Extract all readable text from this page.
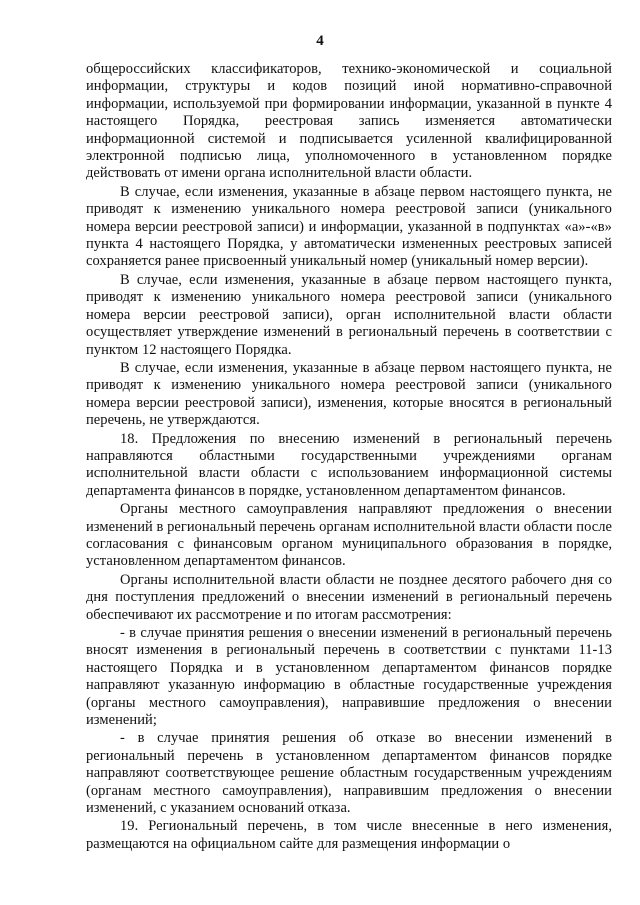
4

общероссийских классификаторов, технико-экономической и социальной информации, структуры и кодов позиций иной нормативно-справочной информации, используемой при формировании информации, указанной в пункте 4 настоящего Порядка, реестровая запись изменяется автоматически информационной системой и подписывается усиленной квалифицированной электронной подписью лица, уполномоченного в установленном порядке действовать от имени органа исполнительной власти области.

В случае, если изменения, указанные в абзаце первом настоящего пункта, не приводят к изменению уникального номера реестровой записи (уникального номера версии реестровой записи) и информации, указанной в подпунктах «а»-«в» пункта 4 настоящего Порядка, у автоматически измененных реестровых записей сохраняется ранее присвоенный уникальный номер (уникальный номер версии).

В случае, если изменения, указанные в абзаце первом настоящего пункта, приводят к изменению уникального номера реестровой записи (уникального номера версии реестровой записи), орган исполнительной власти области осуществляет утверждение изменений в региональный перечень в соответствии с пунктом 12 настоящего Порядка.

В случае, если изменения, указанные в абзаце первом настоящего пункта, не приводят к изменению уникального номера реестровой записи (уникального номера версии реестровой записи), изменения, которые вносятся в региональный перечень, не утверждаются.

18. Предложения по внесению изменений в региональный перечень направляются областными государственными учреждениями органам исполнительной власти области с использованием информационной системы департамента финансов в порядке, установленном департаментом финансов.

Органы местного самоуправления направляют предложения о внесении изменений в региональный перечень органам исполнительной власти области после согласования с финансовым органом муниципального образования в порядке, установленном департаментом финансов.

Органы исполнительной власти области не позднее десятого рабочего дня со дня поступления предложений о внесении изменений в региональный перечень обеспечивают их рассмотрение и по итогам рассмотрения:

- в случае принятия решения о внесении изменений в региональный перечень вносят изменения в региональный перечень в соответствии с пунктами 11-13 настоящего Порядка и в установленном департаментом финансов порядке направляют указанную информацию в областные государственные учреждения (органы местного самоуправления), направившие предложения о внесении изменений;

- в случае принятия решения об отказе во внесении изменений в региональный перечень в установленном департаментом финансов порядке направляют соответствующее решение областным государственным учреждениям (органам местного самоуправления), направившим предложения о внесении изменений, с указанием оснований отказа.

19. Региональный перечень, в том числе внесенные в него изменения, размещаются на официальном сайте для размещения информации о
